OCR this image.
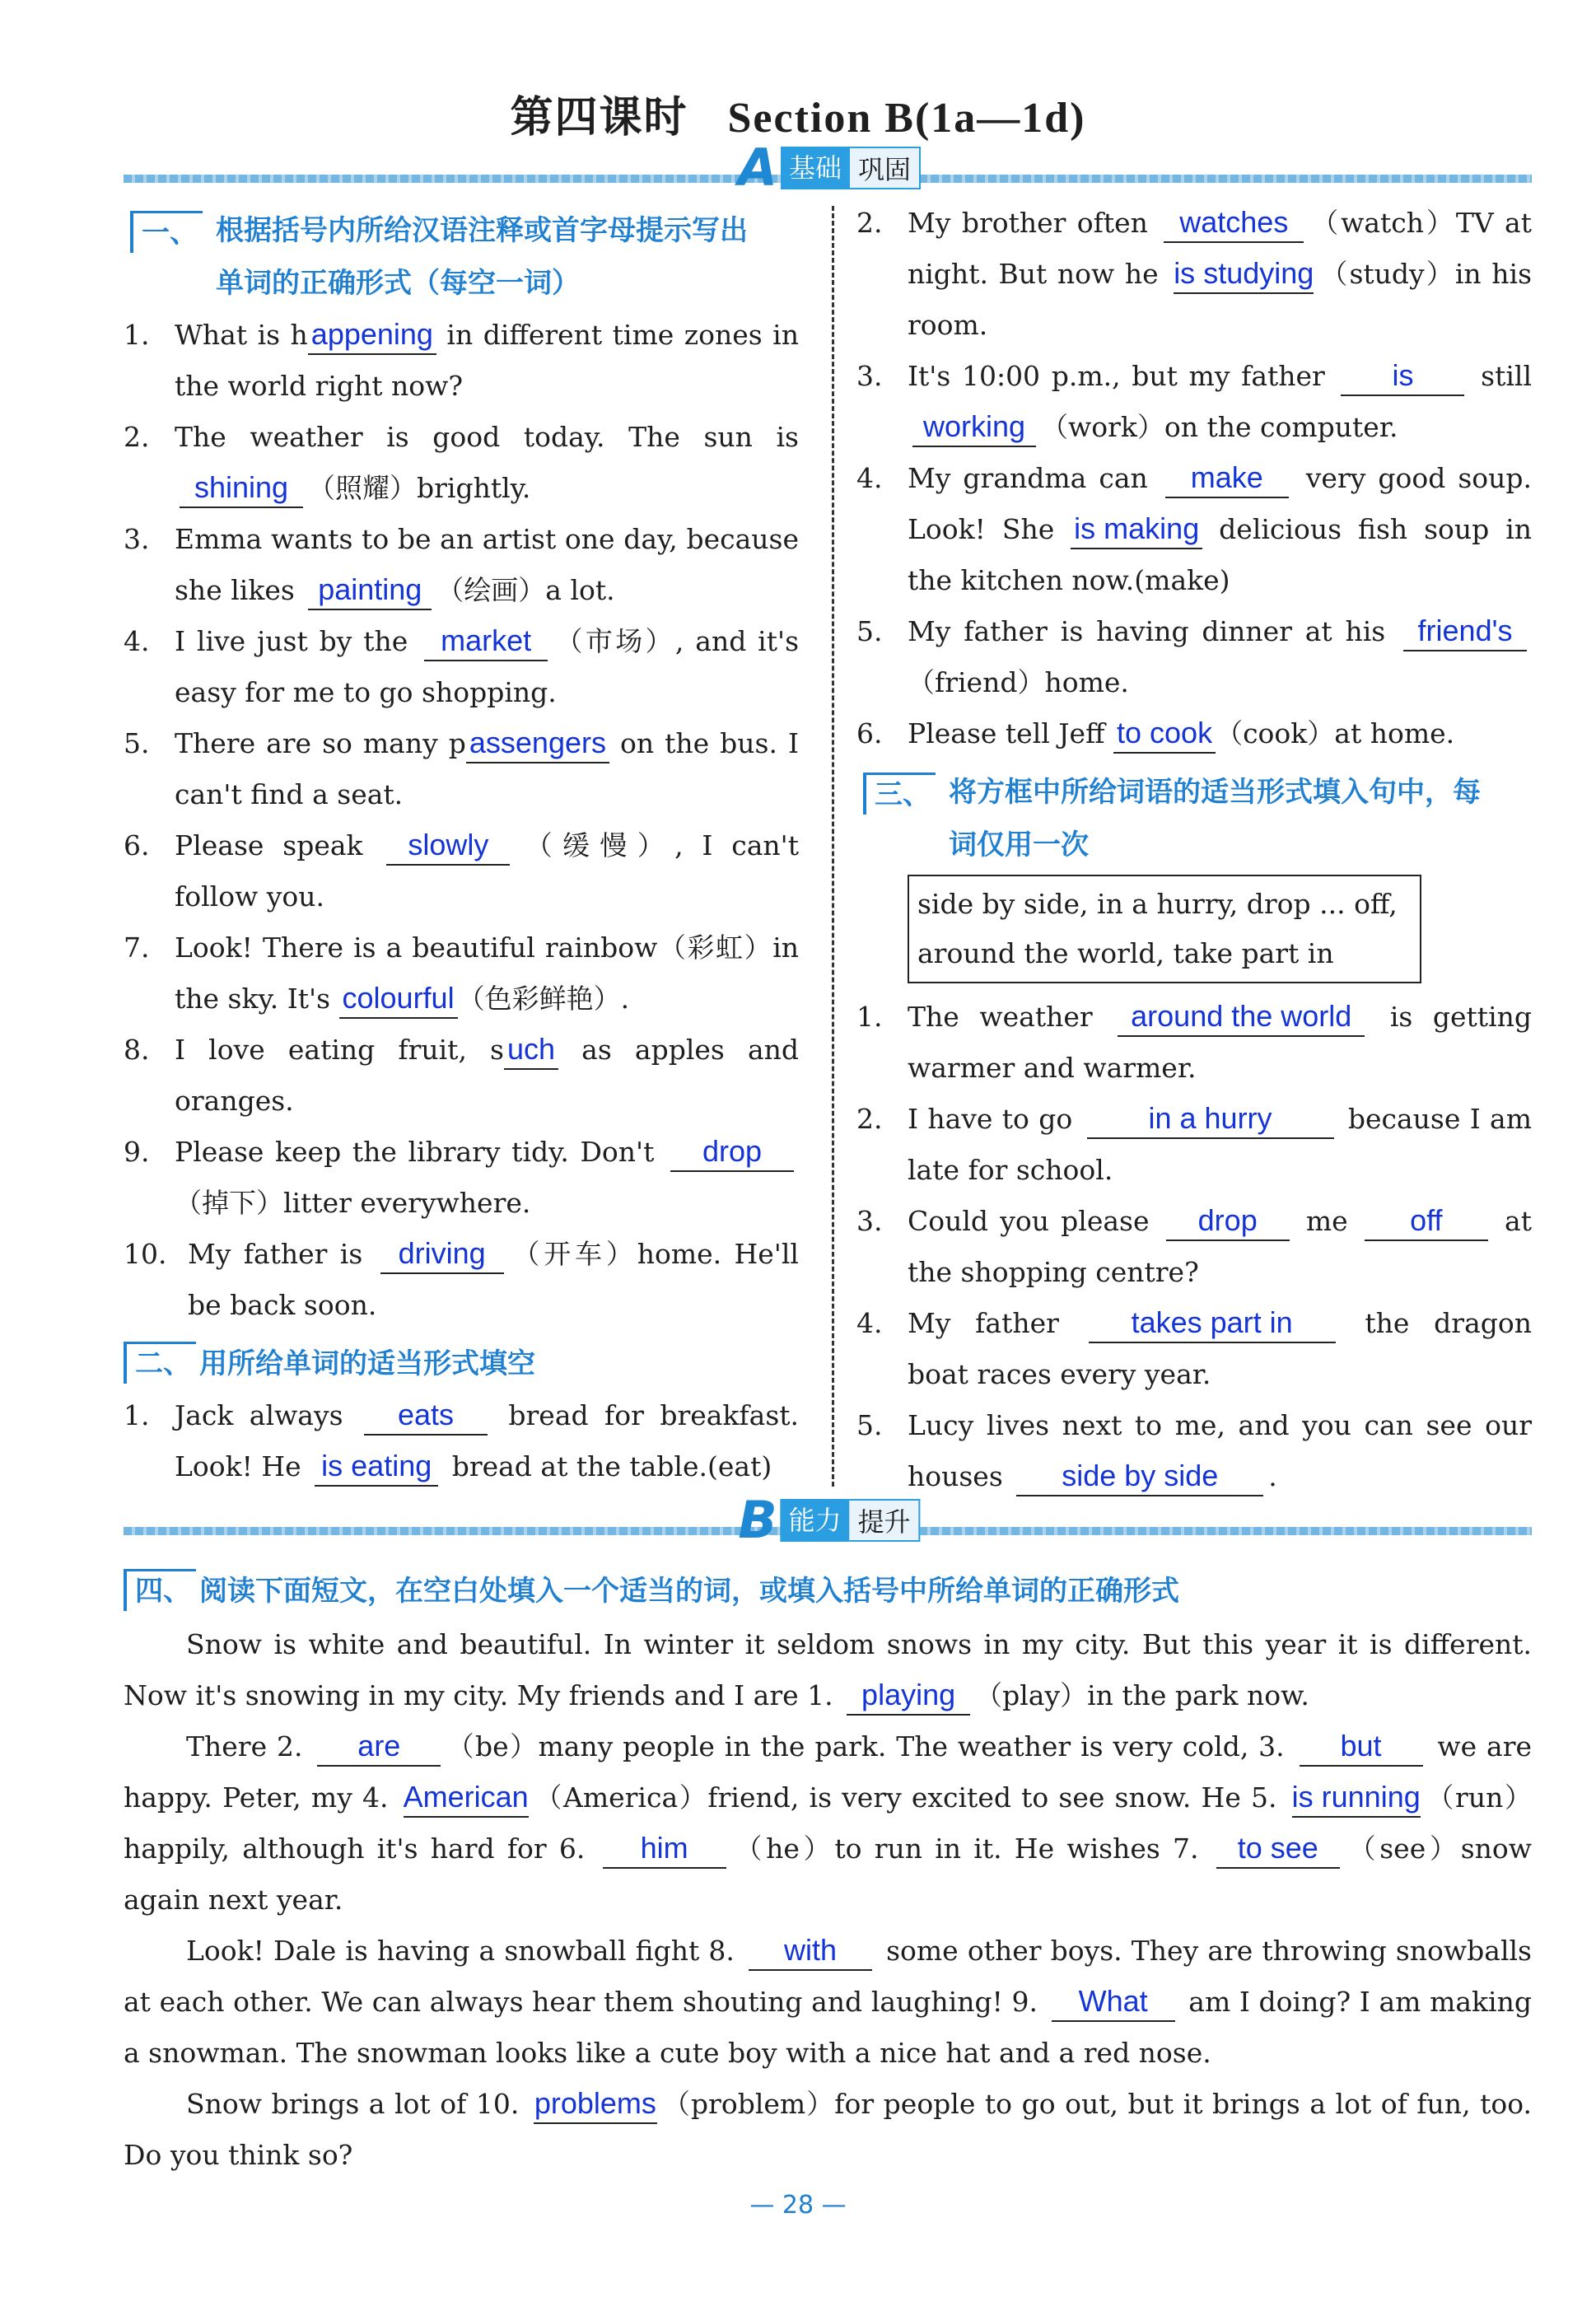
第四课时 Section B(1a—1d)
A 基础 巩固
一、 根据括号内所给汉语注释或首字母提示写出
单词的正确形式（每空一词）
1. What is h appening in different time zones in the world right now?
2. The weather is good today. The sun is shining （照耀）brightly.
3. Emma wants to be an artist one day, because she likes painting （绘画）a lot.
4. I live just by the market （市场）, and it's easy for me to go shopping.
5. There are so many p assengers on the bus. I can't find a seat.
6. Please speak slowly （缓慢）, I can't follow you.
7. Look! There is a beautiful rainbow（彩虹）in the sky. It's colourful （色彩鲜艳）.
8. I love eating fruit, s uch as apples and oranges.
9. Please keep the library tidy. Don't drop（掉下）litter everywhere.
10. My father is driving （开车）home. He'll be back soon.
二、 用所给单词的适当形式填空
1. Jack always eats bread for breakfast. Look! He is eating bread at the table.(eat)
2. My brother often watches （watch）TV at night. But now he is studying （study）in his room.
3. It's 10:00 p.m., but my father is still working （work）on the computer.
4. My grandma can make very good soup. Look! She is making delicious fish soup in the kitchen now.(make)
5. My father is having dinner at his friend's（friend）home.
6. Please tell Jeff to cook （cook）at home.
三、 将方框中所给词语的适当形式填入句中，每
词仅用一次
side by side, in a hurry, drop ... off,
around the world, take part in
1. The weather around the world is getting warmer and warmer.
2. I have to go in a hurry because I am late for school.
3. Could you please drop me off at the shopping centre?
4. My father takes part in the dragon boat races every year.
5. Lucy lives next to me, and you can see our houses side by side .
B 能力 提升
四、 阅读下面短文，在空白处填入一个适当的词，或填入括号中所给单词的正确形式
Snow is white and beautiful. In winter it seldom snows in my city. But this year it is different. Now it's snowing in my city. My friends and I are 1. playing （play）in the park now.
There 2. are （be）many people in the park. The weather is very cold, 3. but we are happy. Peter, my 4. American （America）friend, is very excited to see snow. He 5. is running （run）happily, although it's hard for 6. him （he）to run in it. He wishes 7. to see （see）snow again next year.
Look! Dale is having a snowball fight 8. with some other boys. They are throwing snowballs at each other. We can always hear them shouting and laughing! 9. What am I doing? I am making a snowman. The snowman looks like a cute boy with a nice hat and a red nose.
Snow brings a lot of 10. problems （problem）for people to go out, but it brings a lot of fun, too. Do you think so?
— 28 —
